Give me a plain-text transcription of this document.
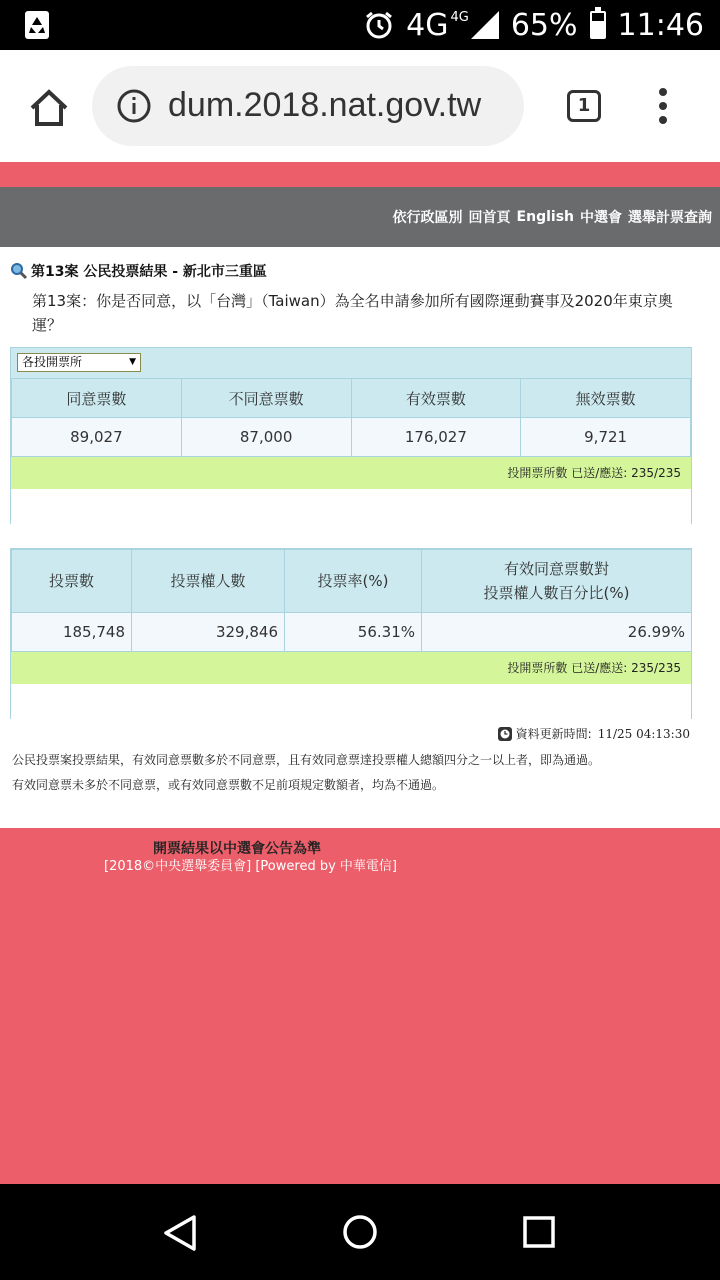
4G 4G 65% 11:46
dum.2018.nat.gov.tw	1
依行政區別 回首頁 English 中選會 選舉計票查詢
第13案 公民投票結果 - 新北市三重區
第13案：你是否同意，以「台灣」（Taiwan）為全名申請參加所有國際運動賽事及2020年東京奧運？
各投開票所	▼
同意票數	不同意票數	有效票數	無效票數
89,027	87,000	176,027	9,721
投開票所數 已送/應送: 235/235
投票數	投票權人數	投票率(%)	有效同意票數對
投票權人數百分比(%)

185,748	329,846	56.31%	26.99%
投開票所數 已送/應送: 235/235
資料更新時間: 11/25 04:13:30
公民投票案投票結果，有效同意票數多於不同意票，且有效同意票達投票權人總額四分之一以上者，即為通過。
有效同意票未多於不同意票，或有效同意票數不足前項規定數額者，均為不通過。
開票結果以中選會公告為準
[2018©中央選舉委員會] [Powered by 中華電信]
